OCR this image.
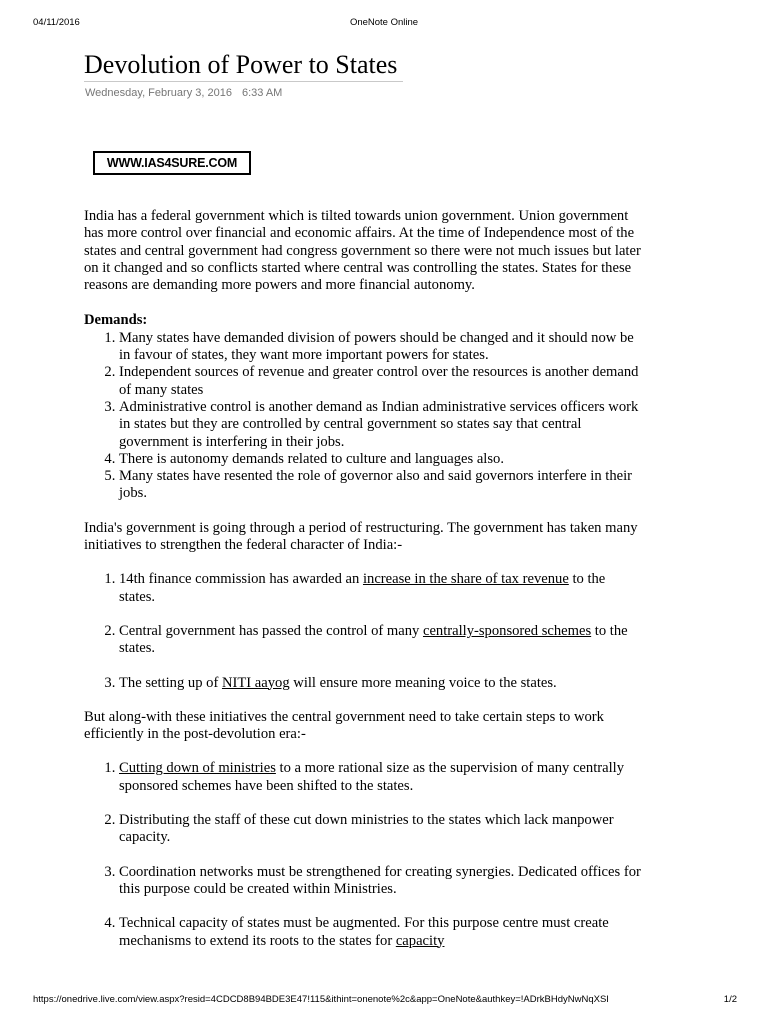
04/11/2016	OneNote Online
Devolution of Power to States
Wednesday, February 3, 2016 6:33 AM
WWW.IAS4SURE.COM

India has a federal government which is tilted towards union government. Union government has more control over financial and economic affairs. At the time of Independence most of the states and central government had congress government so there were not much issues but later on it changed and so conflicts started where central was controlling the states. States for these reasons are demanding more powers and more financial autonomy.

Demands:

1. Many states have demanded division of powers should be changed and it should now be in favour of states, they want more important powers for states.
2. Independent sources of revenue and greater control over the resources is another demand of many states
3. Administrative control is another demand as Indian administrative services officers work in states but they are controlled by central government so states say that central government is interfering in their jobs.
4. There is autonomy demands related to culture and languages also.
5. Many states have resented the role of governor also and said governors interfere in their jobs.

India's government is going through a period of restructuring. The government has taken many initiatives to strengthen the federal character of India:-

1. 14th finance commission has awarded an increase in the share of tax revenue to the states.
2. Central government has passed the control of many centrally-sponsored schemes to the states.
3. The setting up of NITI aayog will ensure more meaning voice to the states.

But along-with these initiatives the central government need to take certain steps to work efficiently in the post-devolution era:-

1. Cutting down of ministries to a more rational size as the supervision of many centrally sponsored schemes have been shifted to the states.
2. Distributing the staff of these cut down ministries to the states which lack manpower capacity.
3. Coordination networks must be strengthened for creating synergies. Dedicated offices for this purpose could be created within Ministries.
4. Technical capacity of states must be augmented. For this purpose centre must create mechanisms to extend its roots to the states for capacity
https://onedrive.live.com/view.aspx?resid=4CDCD8B94BDE3E47!115&ithint=onenote%2c&app=OneNote&authkey=!ADrkBHdyNwNqXSI	1/2
